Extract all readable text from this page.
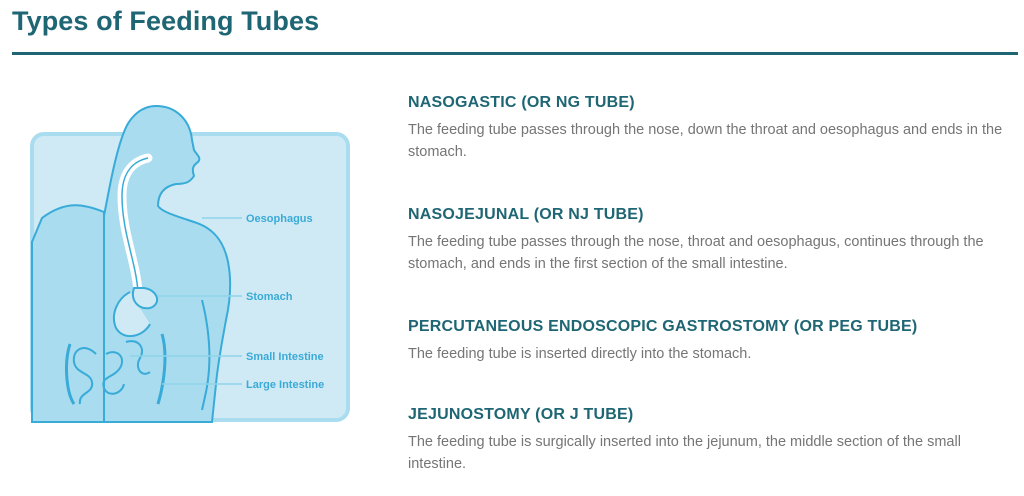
Types of Feeding Tubes
Oesophagus
Stomach
Small Intestine
Large Intestine
NASOGASTIC (OR NG TUBE)

The feeding tube passes through the nose, down the throat and oesophagus and ends in the stomach.

NASOJEJUNAL (OR NJ TUBE)

The feeding tube passes through the nose, throat and oesophagus, continues through the stomach, and ends in the first section of the small intestine.

PERCUTANEOUS ENDOSCOPIC GASTROSTOMY (OR PEG TUBE)

The feeding tube is inserted directly into the stomach.

JEJUNOSTOMY (OR J TUBE)

The feeding tube is surgically inserted into the jejunum, the middle section of the small intestine.
